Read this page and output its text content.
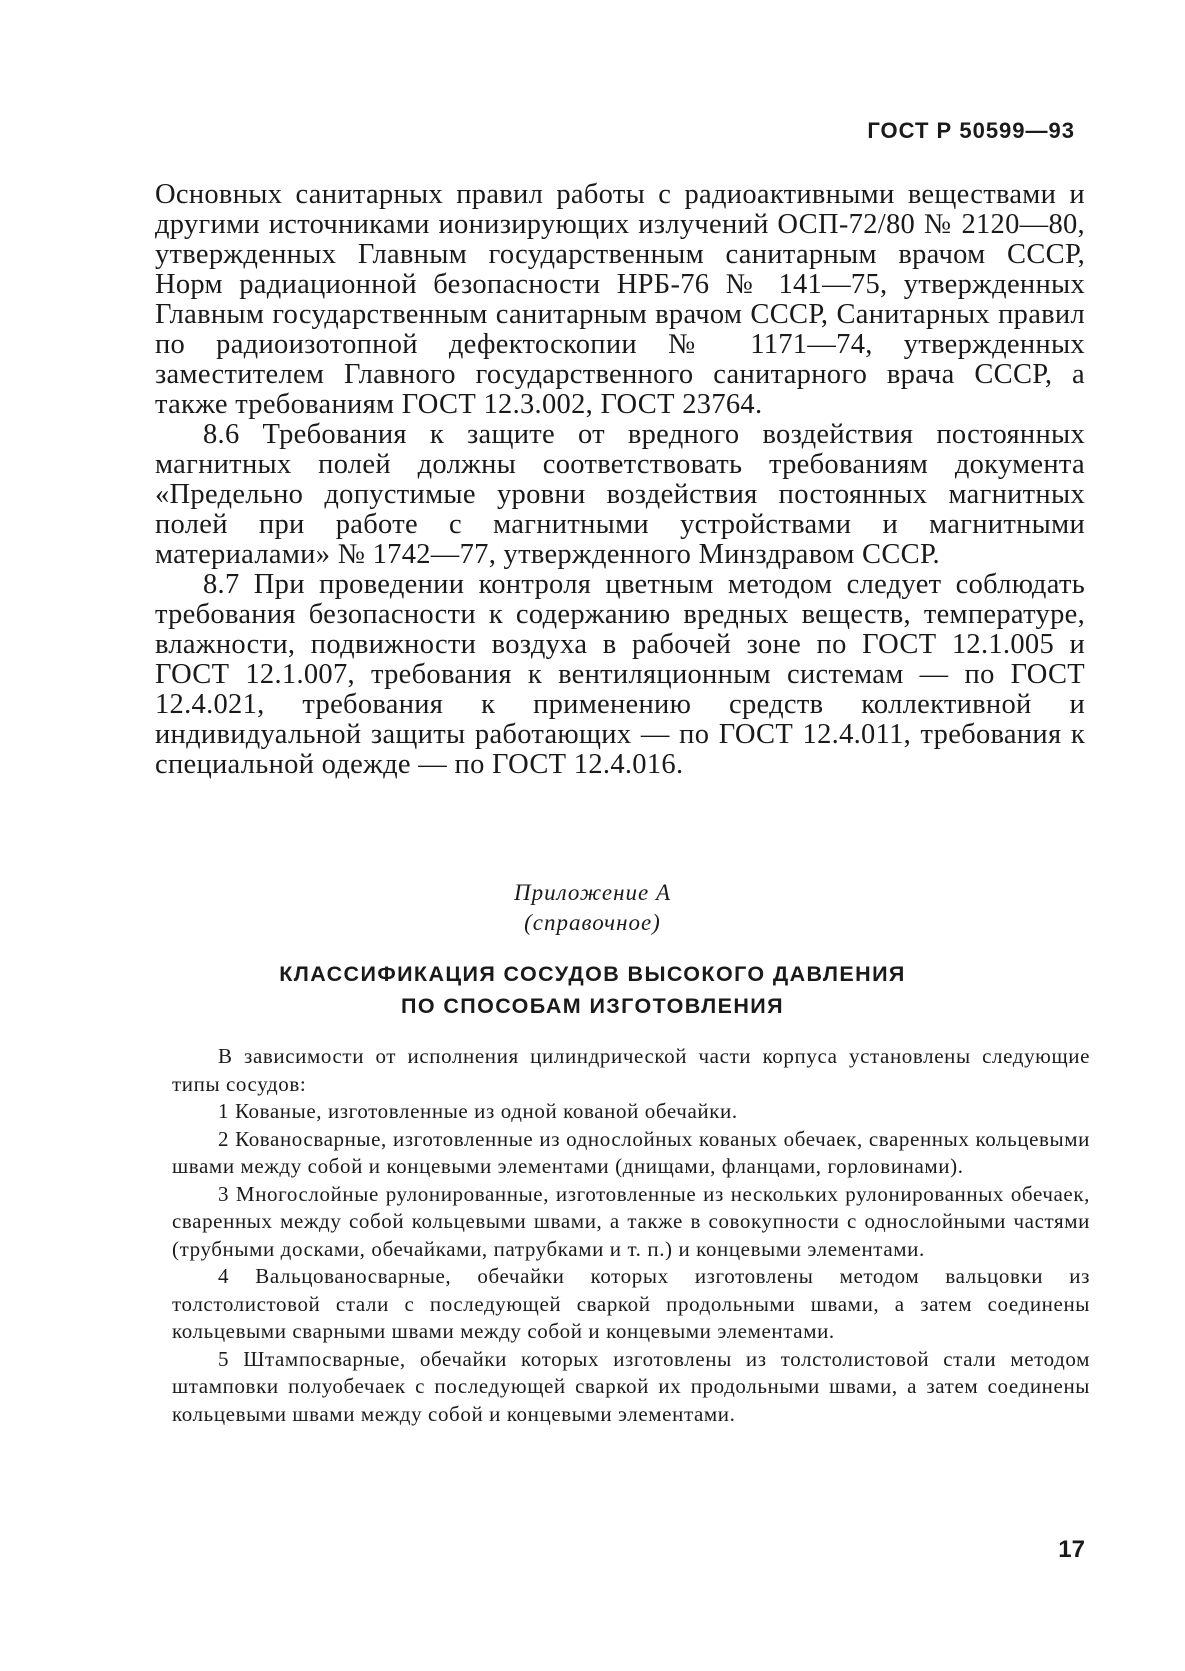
ГОСТ Р 50599—93

Основных санитарных правил работы с радиоактивными веществами и другими источниками ионизирующих излучений ОСП-72/80 № 2120—80, утвержденных Главным государственным санитарным врачом СССР, Норм радиационной безопасности НРБ-76 № 141—75, утвержденных Главным государственным санитарным врачом СССР, Санитарных правил по радиоизотопной дефектоскопии № 1171—74, утвержденных заместителем Главного государственного санитарного врача СССР, а также требованиям ГОСТ 12.3.002, ГОСТ 23764.

8.6 Требования к защите от вредного воздействия постоянных магнитных полей должны соответствовать требованиям документа «Предельно допустимые уровни воздействия постоянных магнитных полей при работе с магнитными устройствами и магнитными материалами» № 1742—77, утвержденного Минздравом СССР.

8.7 При проведении контроля цветным методом следует соблюдать требования безопасности к содержанию вредных веществ, температуре, влажности, подвижности воздуха в рабочей зоне по ГОСТ 12.1.005 и ГОСТ 12.1.007, требования к вентиляционным системам — по ГОСТ 12.4.021, требования к применению средств коллективной и индивидуальной защиты работающих — по ГОСТ 12.4.011, требования к специальной одежде — по ГОСТ 12.4.016.

Приложение А
(справочное)
КЛАССИФИКАЦИЯ СОСУДОВ ВЫСОКОГО ДАВЛЕНИЯ
ПО СПОСОБАМ ИЗГОТОВЛЕНИЯ

В зависимости от исполнения цилиндрической части корпуса установлены следующие типы сосудов:

1 Кованые, изготовленные из одной кованой обечайки.

2 Кованосварные, изготовленные из однослойных кованых обечаек, сваренных кольцевыми швами между собой и концевыми элементами (днищами, фланцами, горловинами).

3 Многослойные рулонированные, изготовленные из нескольких рулонированных обечаек, сваренных между собой кольцевыми швами, а также в совокупности с однослойными частями (трубными досками, обечайками, патрубками и т. п.) и концевыми элементами.

4 Вальцованосварные, обечайки которых изготовлены методом вальцовки из толстолистовой стали с последующей сваркой продольными швами, а затем соединены кольцевыми сварными швами между собой и концевыми элементами.

5 Штампосварные, обечайки которых изготовлены из толстолистовой стали методом штамповки полуобечаек с последующей сваркой их продольными швами, а затем соединены кольцевыми швами между собой и концевыми элементами.

17
